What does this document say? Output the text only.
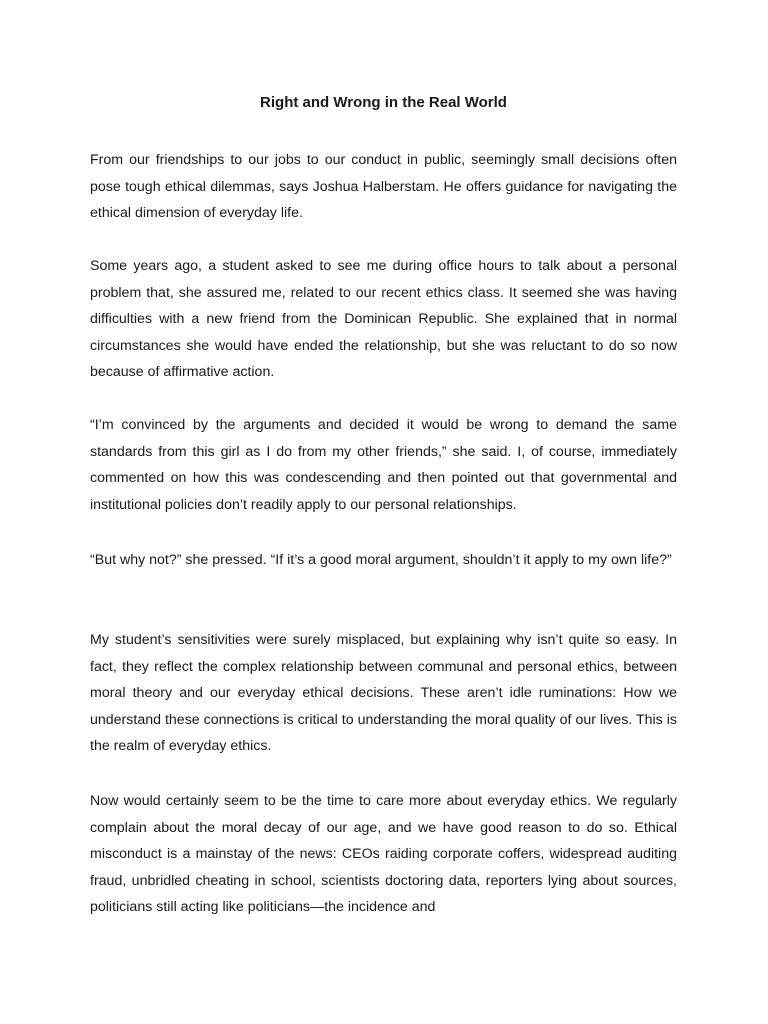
Right and Wrong in the Real World

From our friendships to our jobs to our conduct in public, seemingly small decisions often pose tough ethical dilemmas, says Joshua Halberstam. He offers guidance for navigating the ethical dimension of everyday life.

Some years ago, a student asked to see me during office hours to talk about a personal problem that, she assured me, related to our recent ethics class. It seemed she was having difficulties with a new friend from the Dominican Republic. She explained that in normal circumstances she would have ended the relationship, but she was reluctant to do so now because of affirmative action.

“I’m convinced by the arguments and decided it would be wrong to demand the same standards from this girl as I do from my other friends,” she said. I, of course, immediately commented on how this was condescending and then pointed out that governmental and institutional policies don’t readily apply to our personal relationships.

“But why not?” she pressed. “If it’s a good moral argument, shouldn’t it apply to my own life?”

My student’s sensitivities were surely misplaced, but explaining why isn’t quite so easy. In fact, they reflect the complex relationship between communal and personal ethics, between moral theory and our everyday ethical decisions. These aren’t idle ruminations: How we understand these connections is critical to understanding the moral quality of our lives. This is the realm of everyday ethics.

Now would certainly seem to be the time to care more about everyday ethics. We regularly complain about the moral decay of our age, and we have good reason to do so. Ethical misconduct is a mainstay of the news: CEOs raiding corporate coffers, widespread auditing fraud, unbridled cheating in school, scientists doctoring data, reporters lying about sources, politicians still acting like politicians—the incidence and
